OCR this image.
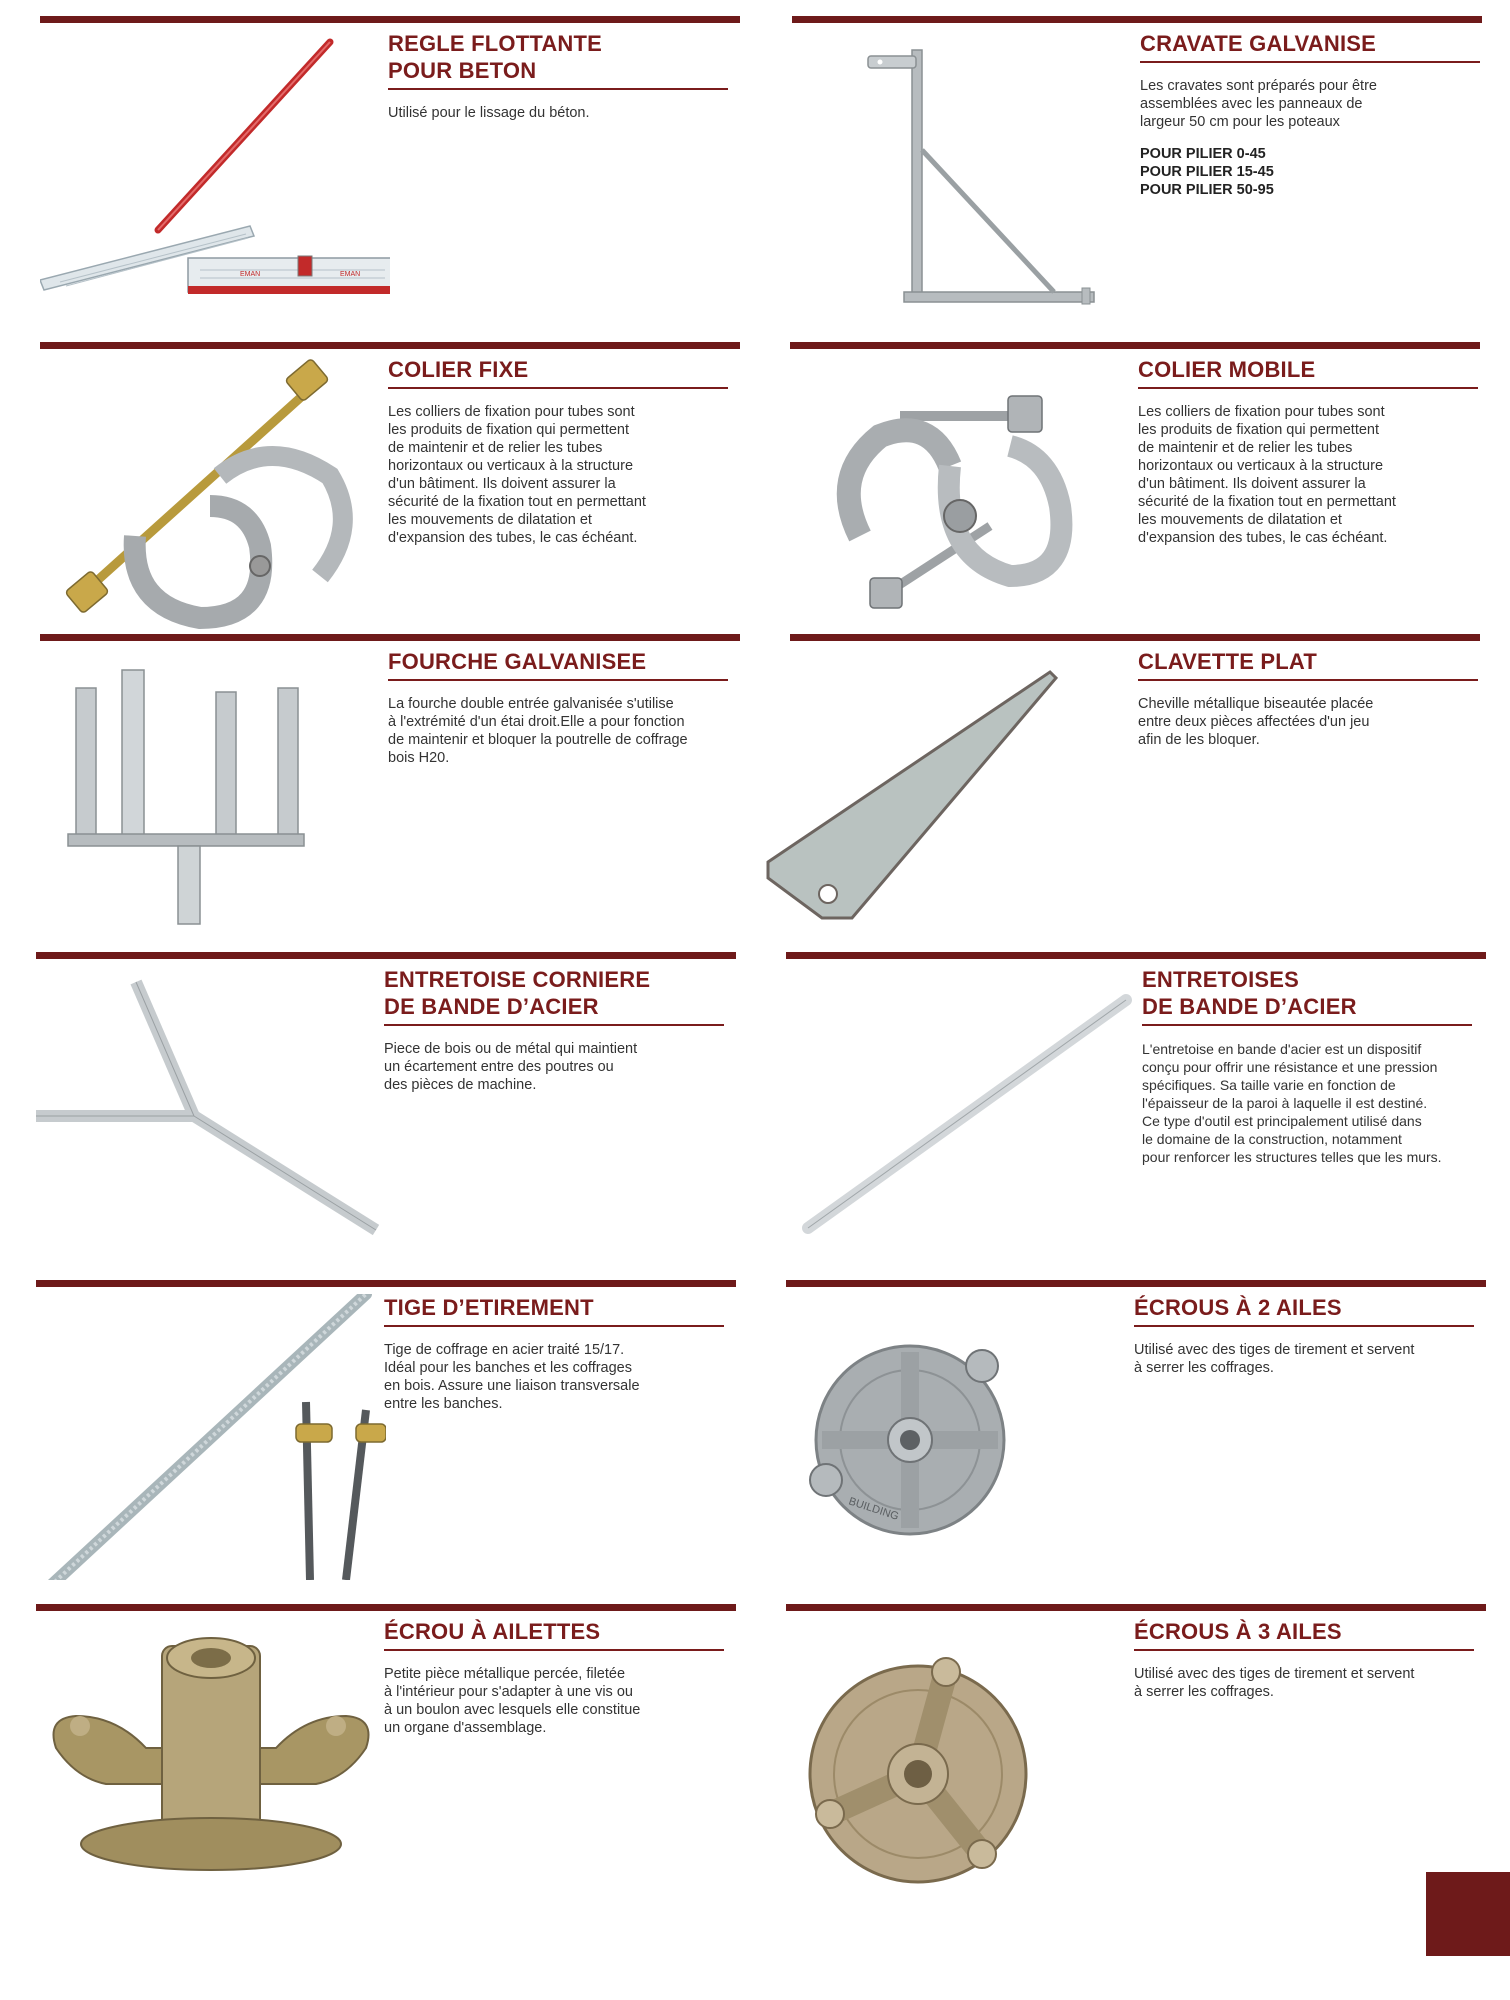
EMAN	EMAN
REGLE FLOTTANTE
POUR BETON

Utilisé pour le lissage du béton.

CRAVATE GALVANISE

Les cravates sont préparés pour être
assemblées avec les panneaux de
largeur 50 cm pour les poteaux

POUR PILIER 0-45
POUR PILIER 15-45
POUR PILIER 50-95
COLIER FIXE

Les colliers de fixation pour tubes sont
les produits de fixation qui permettent
de maintenir et de relier les tubes
horizontaux ou verticaux à la structure
d'un bâtiment. Ils doivent assurer la
sécurité de la fixation tout en permettant
les mouvements de dilatation et
d'expansion des tubes, le cas échéant.

COLIER MOBILE

Les colliers de fixation pour tubes sont
les produits de fixation qui permettent
de maintenir et de relier les tubes
horizontaux ou verticaux à la structure
d'un bâtiment. Ils doivent assurer la
sécurité de la fixation tout en permettant
les mouvements de dilatation et
d'expansion des tubes, le cas échéant.

FOURCHE GALVANISEE

La fourche double entrée galvanisée s'utilise
à l'extrémité d'un étai droit.Elle a pour fonction
de maintenir et bloquer la poutrelle de coffrage
bois H20.

CLAVETTE PLAT

Cheville métallique biseautée placée
entre deux pièces affectées d'un jeu
afin de les bloquer.

ENTRETOISE CORNIERE
DE BANDE D’ACIER

Piece de bois ou de métal qui maintient
un écartement entre des poutres ou
des pièces de machine.

ENTRETOISES
DE BANDE D’ACIER

L'entretoise en bande d'acier est un dispositif
conçu pour offrir une résistance et une pression
spécifiques. Sa taille varie en fonction de
l'épaisseur de la paroi à laquelle il est destiné.
Ce type d'outil est principalement utilisé dans
le domaine de la construction, notamment
pour renforcer les structures telles que les murs.

TIGE D’ETIREMENT

Tige de coffrage en acier traité 15/17.
Idéal pour les banches et les coffrages
en bois. Assure une liaison transversale
entre les banches.

BUILDING
ÉCROUS À 2 AILES

Utilisé avec des tiges de tirement et servent
à serrer les coffrages.

ÉCROU À AILETTES

Petite pièce métallique percée, filetée
à l'intérieur pour s'adapter à une vis ou
à un boulon avec lesquels elle constitue
un organe d'assemblage.

ÉCROUS À 3 AILES

Utilisé avec des tiges de tirement et servent
à serrer les coffrages.
